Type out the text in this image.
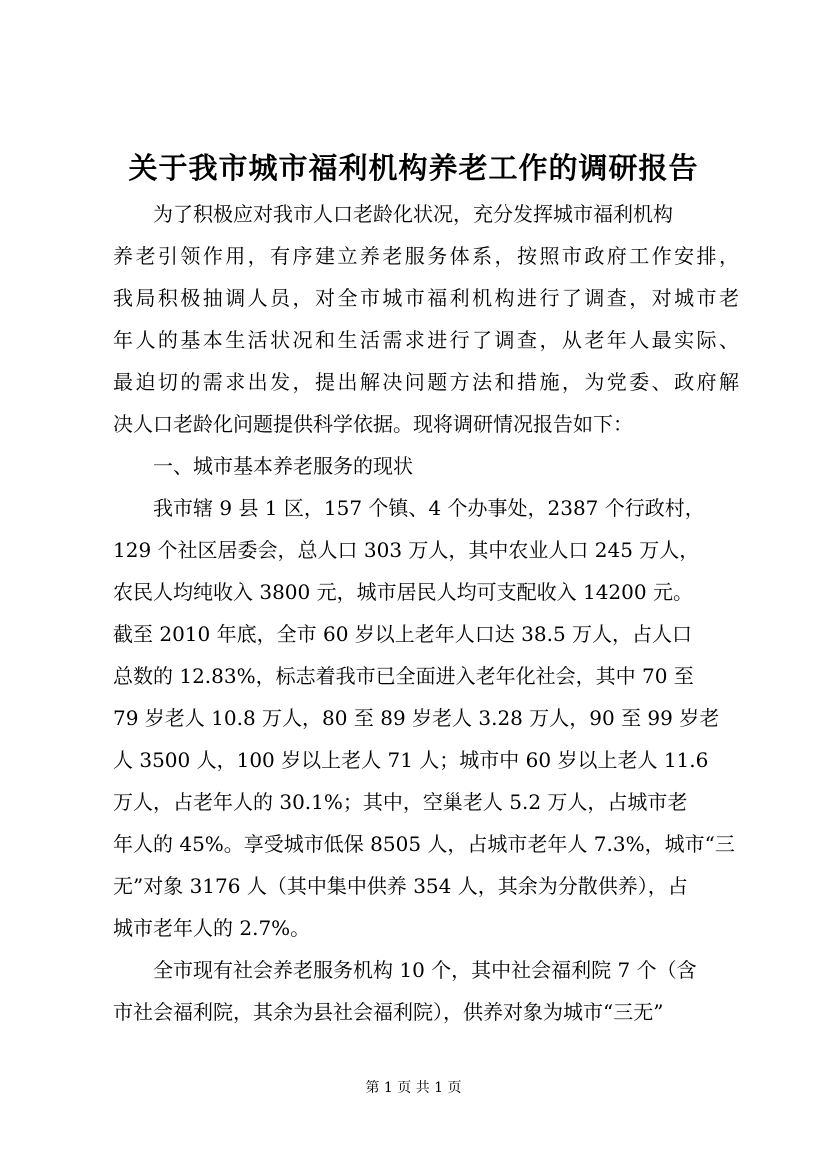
关于我市城市福利机构养老工作的调研报告
为了积极应对我市人口老龄化状况，充分发挥城市福利机构
养老引领作用，有序建立养老服务体系，按照市政府工作安排，
我局积极抽调人员，对全市城市福利机构进行了调查，对城市老
年人的基本生活状况和生活需求进行了调查，从老年人最实际、
最迫切的需求出发，提出解决问题方法和措施，为党委、政府解
决人口老龄化问题提供科学依据。现将调研情况报告如下：
一、城市基本养老服务的现状
我市辖 9 县 1 区，157 个镇、4 个办事处，2387 个行政村，
129 个社区居委会，总人口 303 万人，其中农业人口 245 万人，
农民人均纯收入 3800 元，城市居民人均可支配收入 14200 元。
截至 2010 年底，全市 60 岁以上老年人口达 38.5 万人，占人口
总数的 12.83%，标志着我市已全面进入老年化社会，其中 70 至
79 岁老人 10.8 万人，80 至 89 岁老人 3.28 万人，90 至 99 岁老
人 3500 人，100 岁以上老人 71 人；城市中 60 岁以上老人 11.6
万人，占老年人的 30.1%；其中，空巢老人 5.2 万人，占城市老
年人的 45%。享受城市低保 8505 人，占城市老年人 7.3%，城市“三
无”对象 3176 人（其中集中供养 354 人，其余为分散供养），占
城市老年人的 2.7%。
全市现有社会养老服务机构 10 个，其中社会福利院 7 个（含
市社会福利院，其余为县社会福利院），供养对象为城市“三无”
第 1 页 共 1 页
